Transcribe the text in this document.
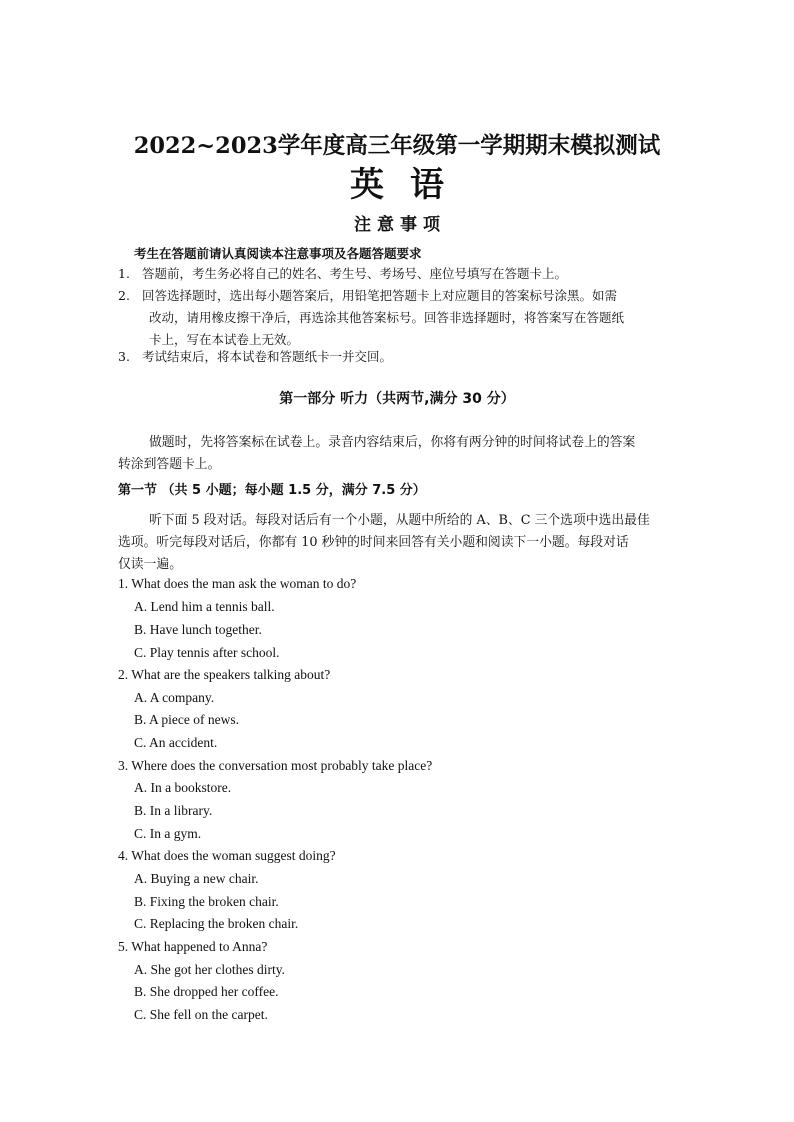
2022~2023学年度高三年级第一学期期末模拟测试
英语
注意事项
考生在答题前请认真阅读本注意事项及各题答题要求
1. 答题前，考生务必将自己的姓名、考生号、考场号、座位号填写在答题卡上。
2. 回答选择题时，选出每小题答案后，用铅笔把答题卡上对应题目的答案标号涂黑。如需
改动，请用橡皮擦干净后，再选涂其他答案标号。回答非选择题时，将答案写在答题纸
卡上，写在本试卷上无效。
3. 考试结束后，将本试卷和答题纸卡一并交回。
第一部分 听力（共两节,满分 30 分）
做题时，先将答案标在试卷上。录音内容结束后，你将有两分钟的时间将试卷上的答案
转涂到答题卡上。
第一节 （共 5 小题；每小题 1.5 分，满分 7.5 分）
听下面 5 段对话。每段对话后有一个小题，从题中所给的 A、B、C 三个选项中选出最佳
选项。听完每段对话后，你都有 10 秒钟的时间来回答有关小题和阅读下一小题。每段对话
仅读一遍。
1. What does the man ask the woman to do?
A. Lend him a tennis ball.
B. Have lunch together.
C. Play tennis after school.
2. What are the speakers talking about?
A. A company.
B. A piece of news.
C. An accident.
3. Where does the conversation most probably take place?
A. In a bookstore.
B. In a library.
C. In a gym.
4. What does the woman suggest doing?
A. Buying a new chair.
B. Fixing the broken chair.
C. Replacing the broken chair.
5. What happened to Anna?
A. She got her clothes dirty.
B. She dropped her coffee.
C. She fell on the carpet.
